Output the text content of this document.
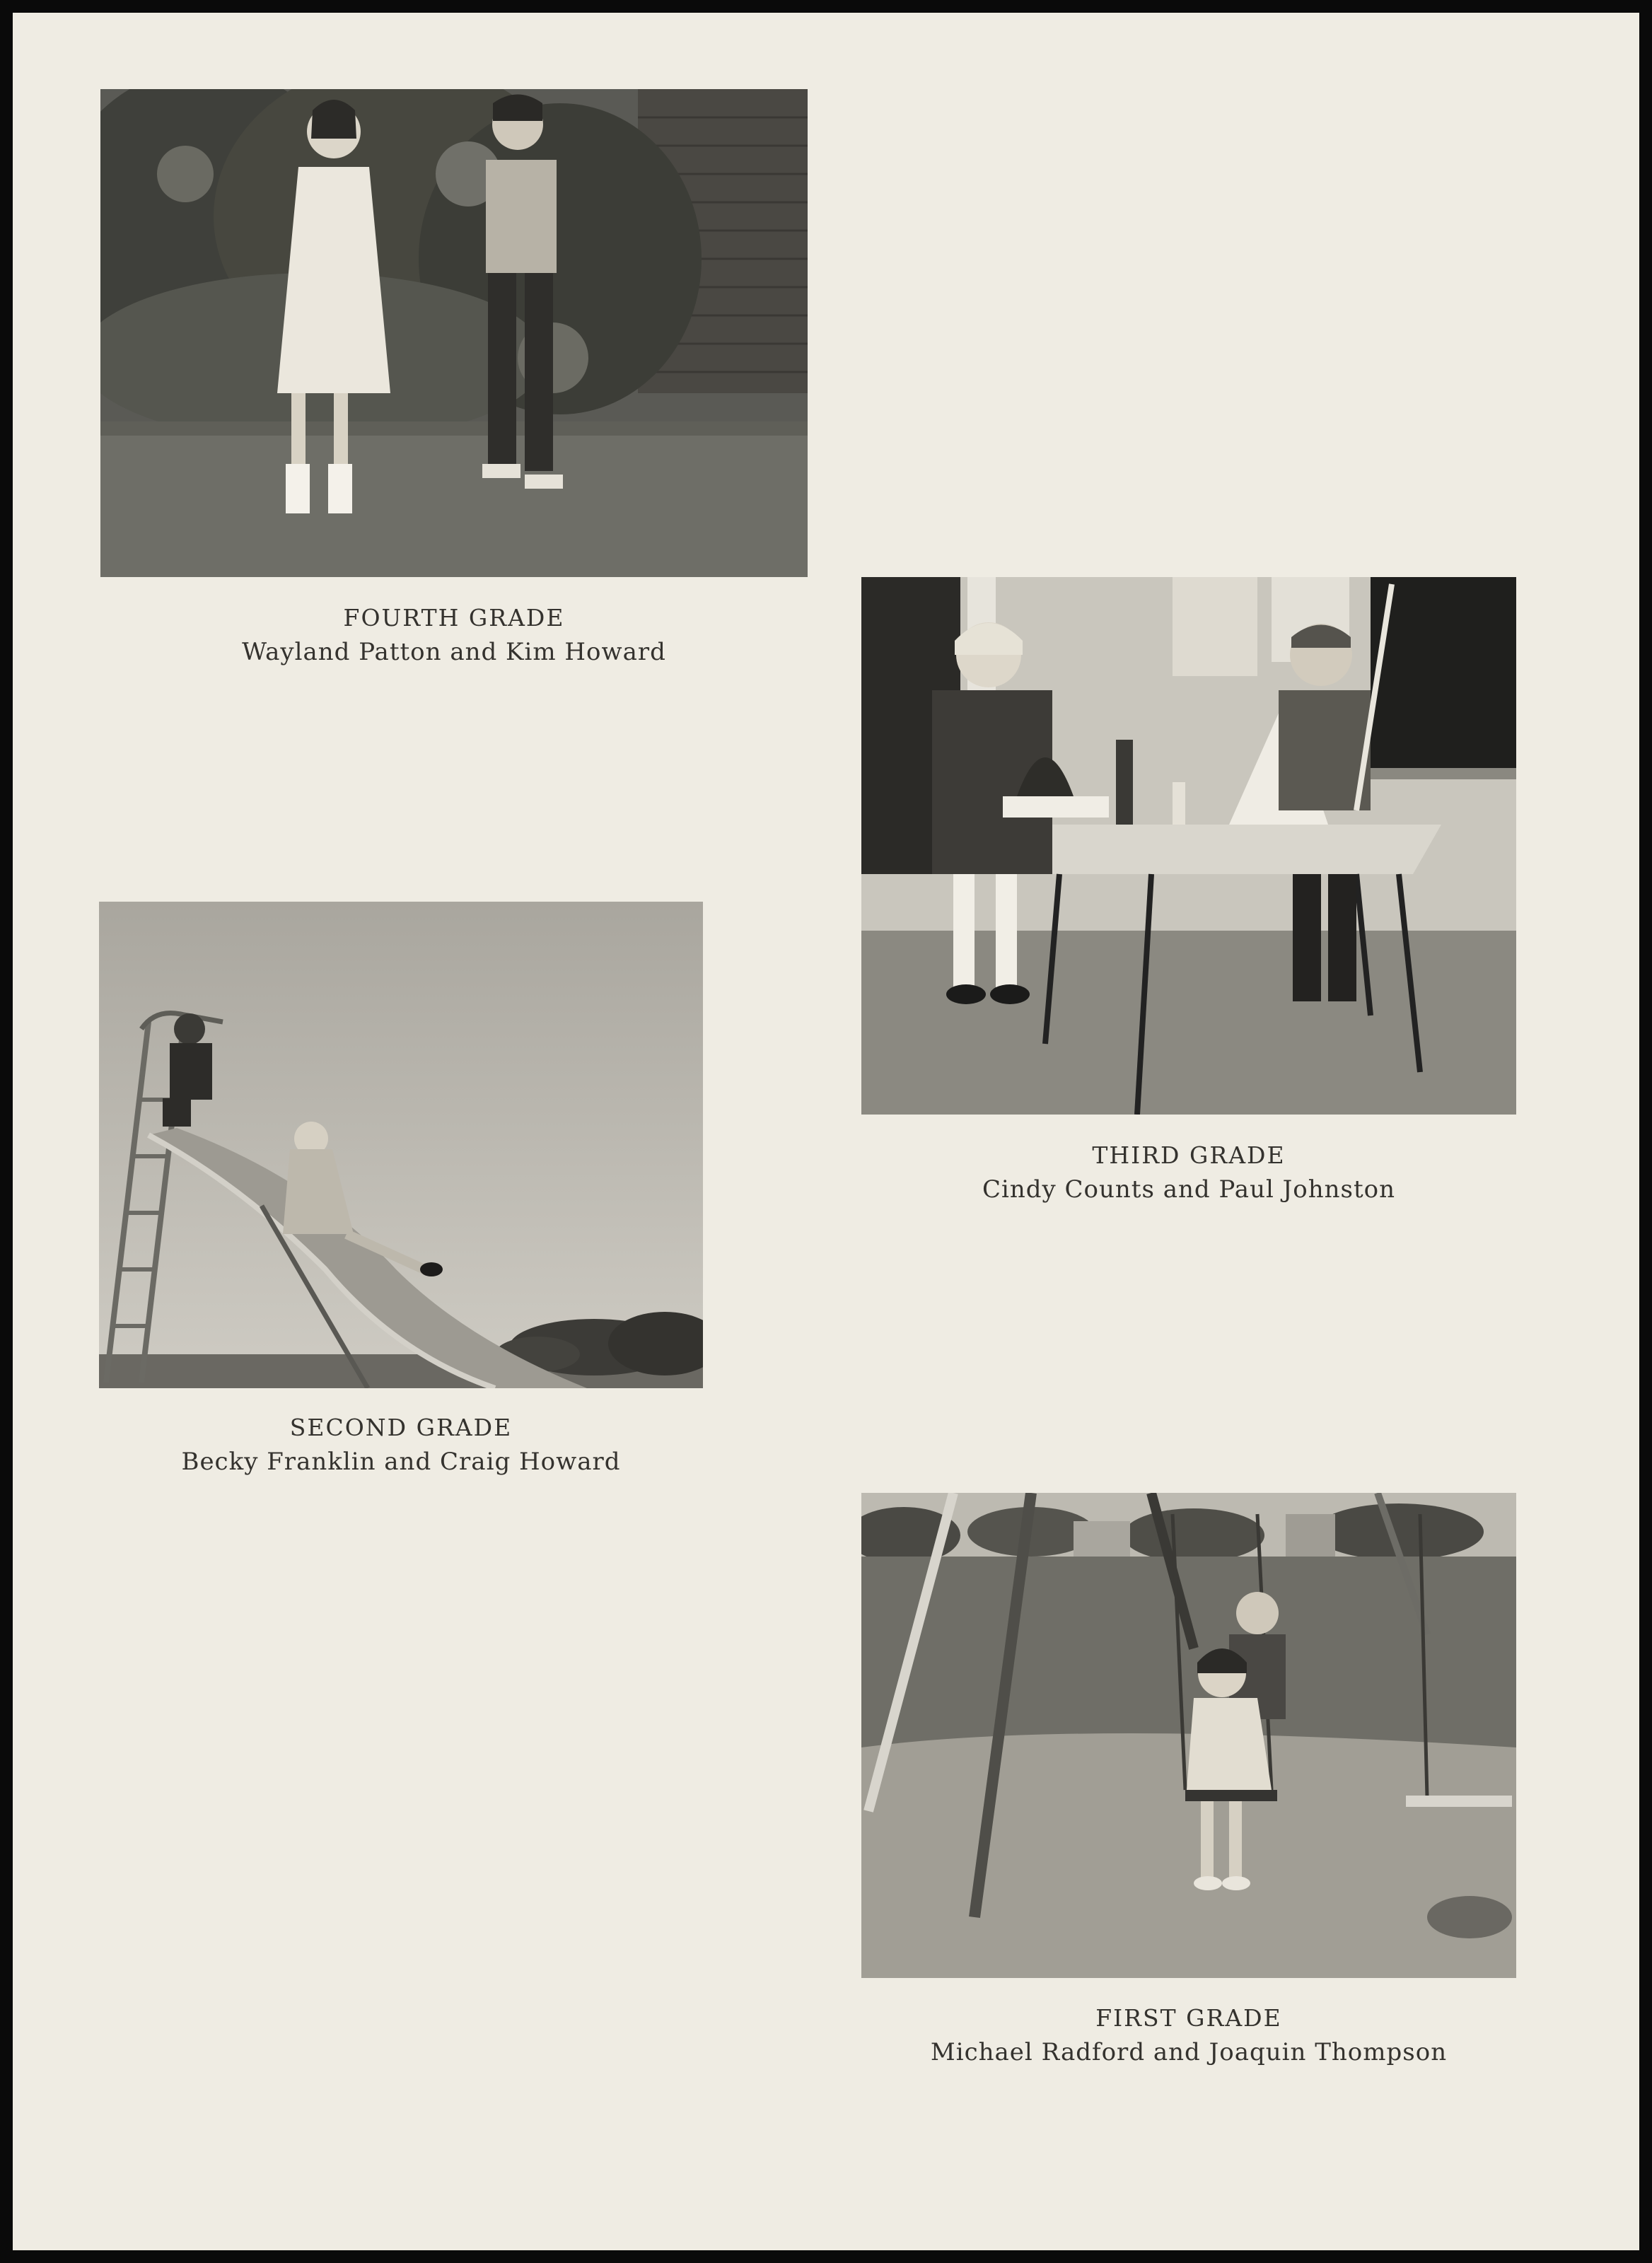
FOURTH GRADE
Wayland Patton and Kim Howard
THIRD GRADE
Cindy Counts and Paul Johnston
SECOND GRADE
Becky Franklin and Craig Howard
FIRST GRADE
Michael Radford and Joaquin Thompson
